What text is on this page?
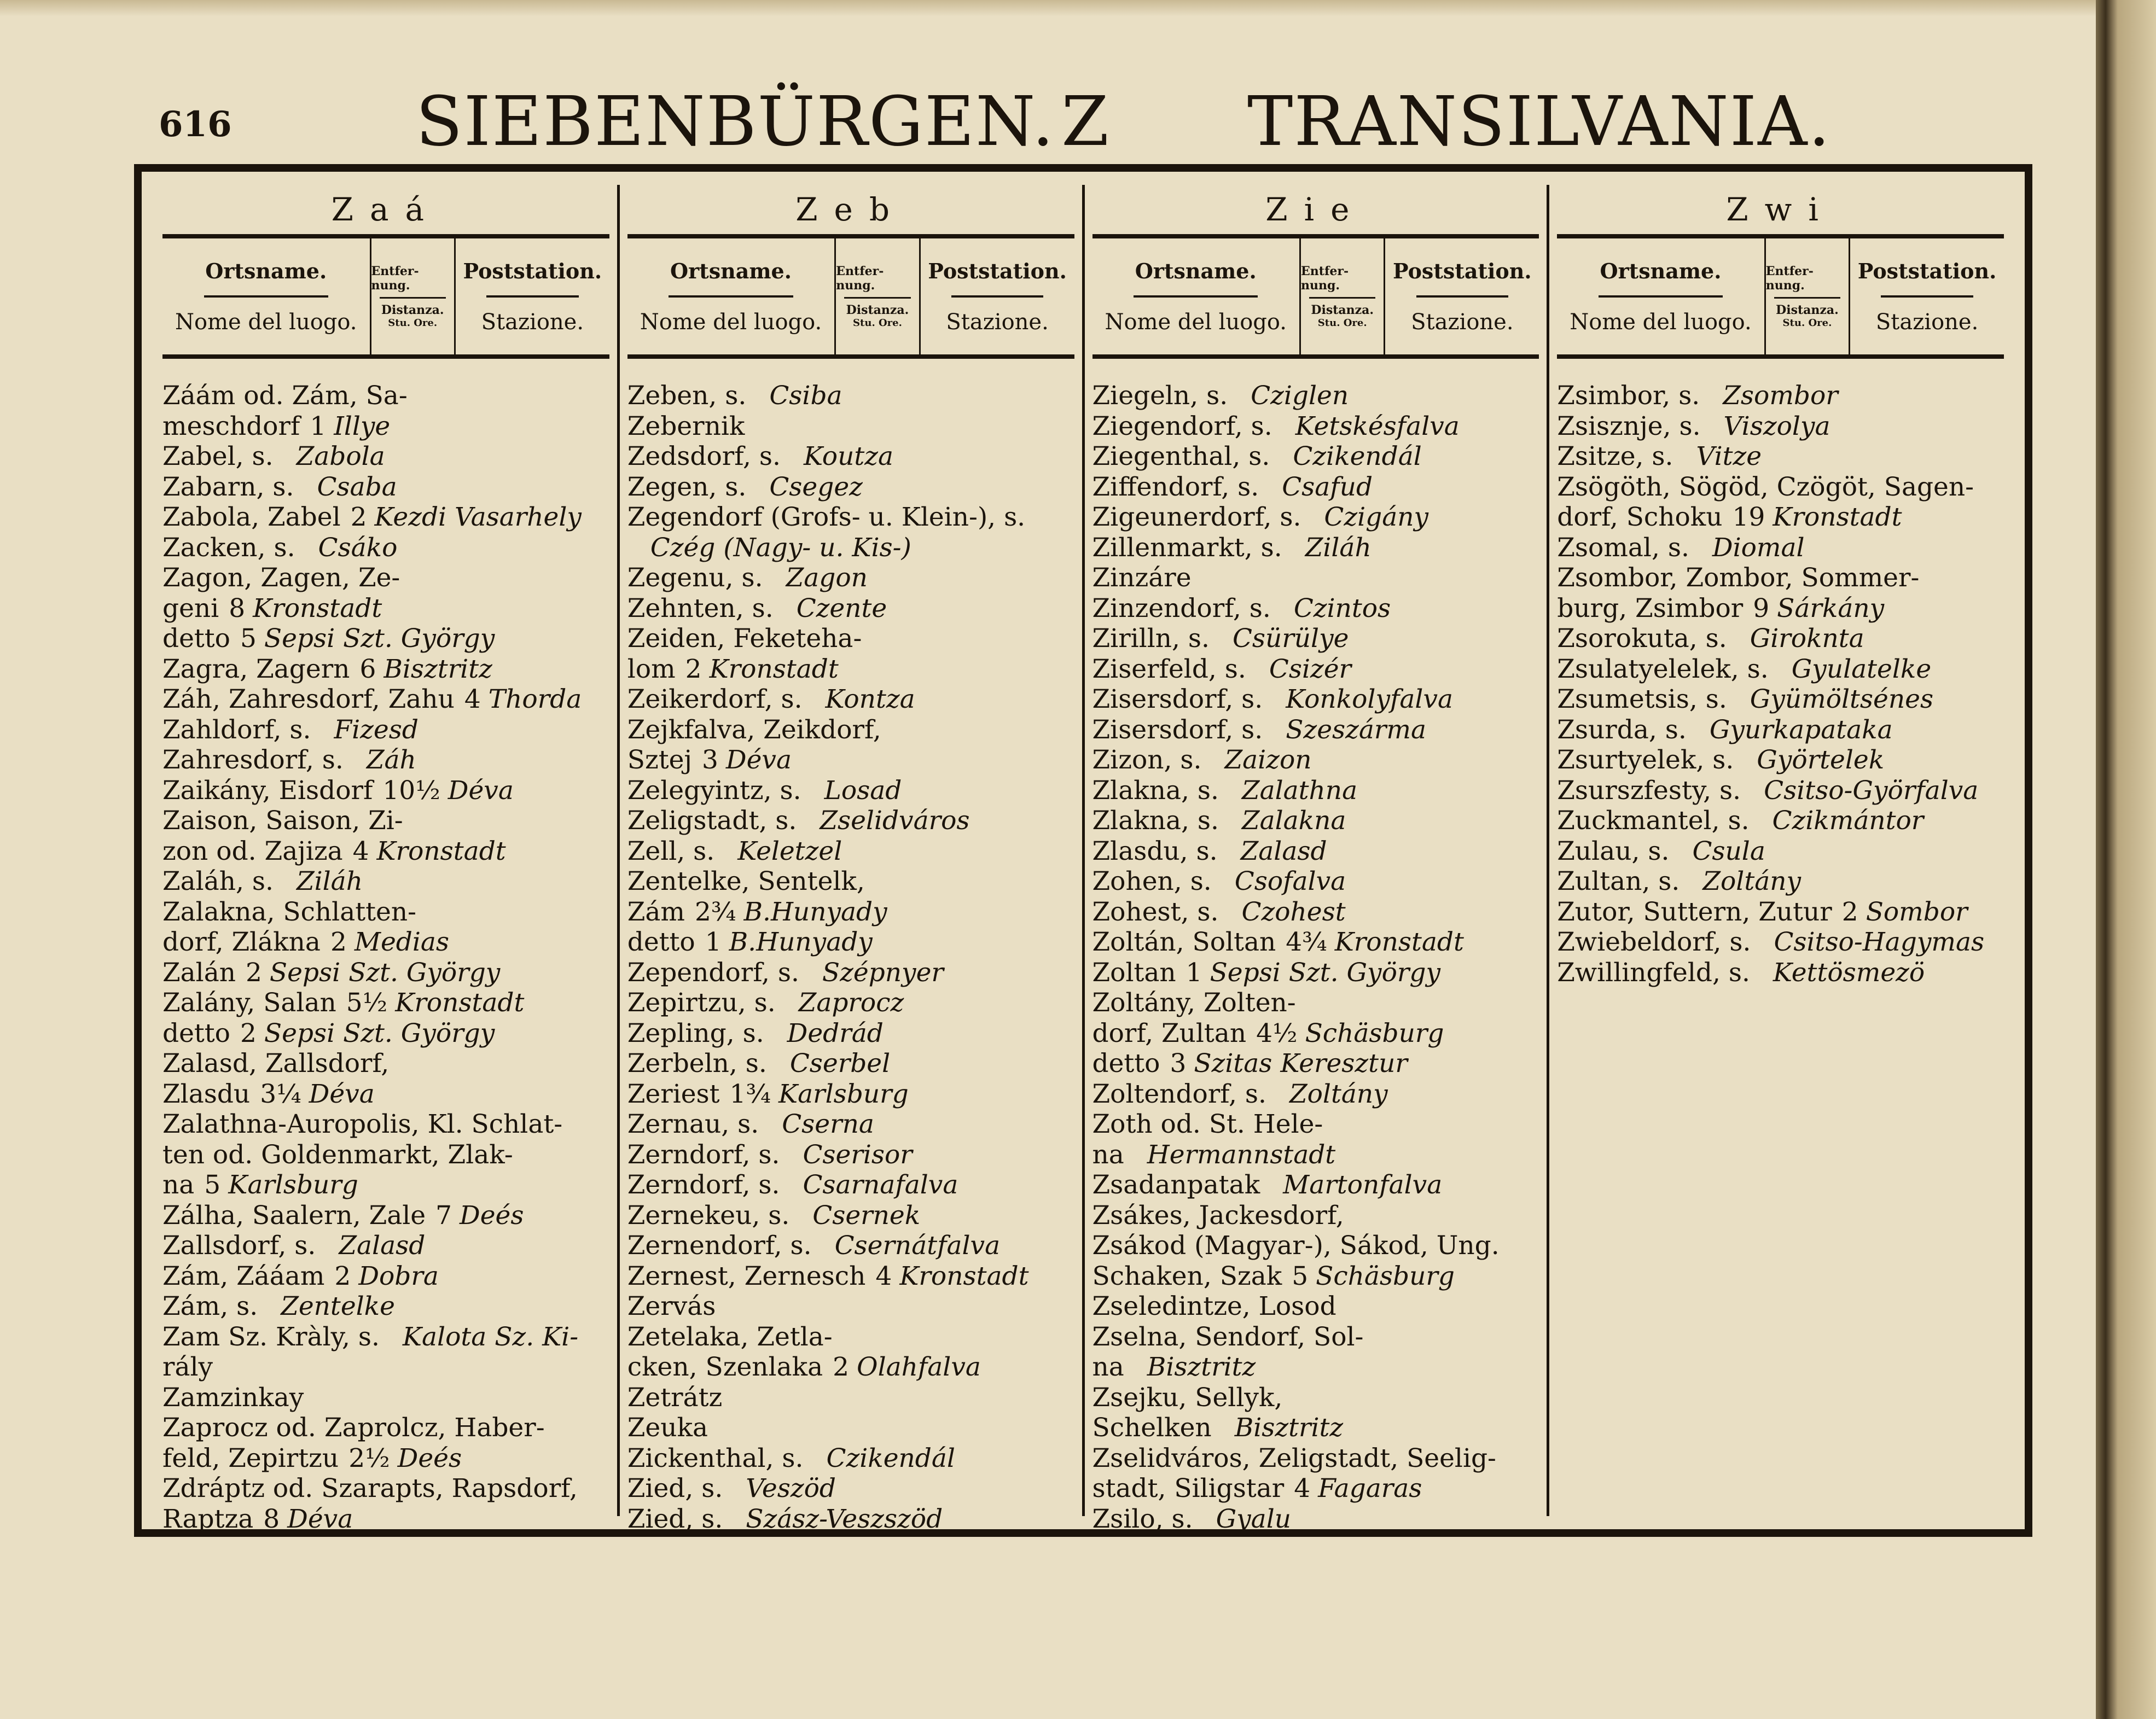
616	SIEBENBÜRGEN. Z TRANSILVANIA.
Zaá
Ortsname.
Nome del luogo.
Entfer- nung.
Distanza.
Stu. Ore.
Poststation.
Stazione.
Záám od. Zám, Sa-
meschdorf 1 Illye
Zabel, s. Zabola
Zabarn, s. Csaba
Zabola, Zabel 2 Kezdi Vasarhely
Zacken, s. Csáko
Zagon, Zagen, Ze-
geni 8 Kronstadt
detto 5 Sepsi Szt. György
Zagra, Zagern 6 Bisztritz
Záh, Zahresdorf, Zahu 4 Thorda
Zahldorf, s. Fizesd
Zahresdorf, s. Záh
Zaikány, Eisdorf 10½ Déva
Zaison, Saison, Zi-
zon od. Zajiza 4 Kronstadt
Zaláh, s. Ziláh
Zalakna, Schlatten-
dorf, Zlákna 2 Medias
Zalán 2 Sepsi Szt. György
Zalány, Salan 5½ Kronstadt
detto 2 Sepsi Szt. György
Zalasd, Zallsdorf,
Zlasdu 3¼ Déva
Zalathna-Auropolis, Kl. Schlat-
ten od. Goldenmarkt, Zlak-
na 5 Karlsburg
Zálha, Saalern, Zale 7 Deés
Zallsdorf, s. Zalasd
Zám, Zááam 2 Dobra
Zám, s. Zentelke
Zam Sz. Kràly, s. Kalota Sz. Ki-
rály
Zamzinkay
Zaprocz od. Zaprolcz, Haber-
feld, Zepirtzu 2½ Deés
Zdráptz od. Szarapts, Rapsdorf,
Raptza 8 Déva
Zeb
Ortsname.
Nome del luogo.
Entfer- nung.
Distanza.
Stu. Ore.
Poststation.
Stazione.
Zeben, s. Csiba
Zebernik
Zedsdorf, s. Koutza
Zegen, s. Csegez
Zegendorf (Grofs- u. Klein-), s.
Czég (Nagy- u. Kis-)
Zegenu, s. Zagon
Zehnten, s. Czente
Zeiden, Feketeha-
lom 2 Kronstadt
Zeikerdorf, s. Kontza
Zejkfalva, Zeikdorf,
Sztej 3 Déva
Zelegyintz, s. Losad
Zeligstadt, s. Zselidváros
Zell, s. Keletzel
Zentelke, Sentelk,
Zám 2¾ B.Hunyady
detto 1 B.Hunyady
Zependorf, s. Szépnyer
Zepirtzu, s. Zaprocz
Zepling, s. Dedrád
Zerbeln, s. Cserbel
Zeriest 1¾ Karlsburg
Zernau, s. Cserna
Zerndorf, s. Cserisor
Zerndorf, s. Csarnafalva
Zernekeu, s. Csernek
Zernendorf, s. Csernátfalva
Zernest, Zernesch 4 Kronstadt
Zervás
Zetelaka, Zetla-
cken, Szenlaka 2 Olahfalva
Zetrátz
Zeuka
Zickenthal, s. Czikendál
Zied, s. Veszöd
Zied, s. Szász-Veszszöd
Zie
Ortsname.
Nome del luogo.
Entfer- nung.
Distanza.
Stu. Ore.
Poststation.
Stazione.
Ziegeln, s. Cziglen
Ziegendorf, s. Ketskésfalva
Ziegenthal, s. Czikendál
Ziffendorf, s. Csafud
Zigeunerdorf, s. Czigány
Zillenmarkt, s. Ziláh
Zinzáre
Zinzendorf, s. Czintos
Zirilln, s. Csürülye
Ziserfeld, s. Csizér
Zisersdorf, s. Konkolyfalva
Zisersdorf, s. Szeszárma
Zizon, s. Zaizon
Zlakna, s. Zalathna
Zlakna, s. Zalakna
Zlasdu, s. Zalasd
Zohen, s. Csofalva
Zohest, s. Czohest
Zoltán, Soltan 4¾ Kronstadt
Zoltan 1 Sepsi Szt. György
Zoltány, Zolten-
dorf, Zultan 4½ Schäsburg
detto 3 Szitas Keresztur
Zoltendorf, s. Zoltány
Zoth od. St. Hele-
na Hermannstadt
Zsadanpatak Martonfalva
Zsákes, Jackesdorf,
Zsákod (Magyar-), Sákod, Ung.
Schaken, Szak 5 Schäsburg
Zseledintze, Losod
Zselna, Sendorf, Sol-
na Bisztritz
Zsejku, Sellyk,
Schelken Bisztritz
Zselidváros, Zeligstadt, Seelig-
stadt, Siligstar 4 Fagaras
Zsilo, s. Gyalu
Zwi
Ortsname.
Nome del luogo.
Entfer- nung.
Distanza.
Stu. Ore.
Poststation.
Stazione.
Zsimbor, s. Zsombor
Zsisznje, s. Viszolya
Zsitze, s. Vitze
Zsögöth, Sögöd, Czögöt, Sagen-
dorf, Schoku 19 Kronstadt
Zsomal, s. Diomal
Zsombor, Zombor, Sommer-
burg, Zsimbor 9 Sárkány
Zsorokuta, s. Giroknta
Zsulatyelelek, s. Gyulatelke
Zsumetsis, s. Gyümöltsénes
Zsurda, s. Gyurkapataka
Zsurtyelek, s. Györtelek
Zsurszfesty, s. Csitso-Györfalva
Zuckmantel, s. Czikmántor
Zulau, s. Csula
Zultan, s. Zoltány
Zutor, Suttern, Zutur 2 Sombor
Zwiebeldorf, s. Csitso-Hagymas
Zwillingfeld, s. Kettösmezö
